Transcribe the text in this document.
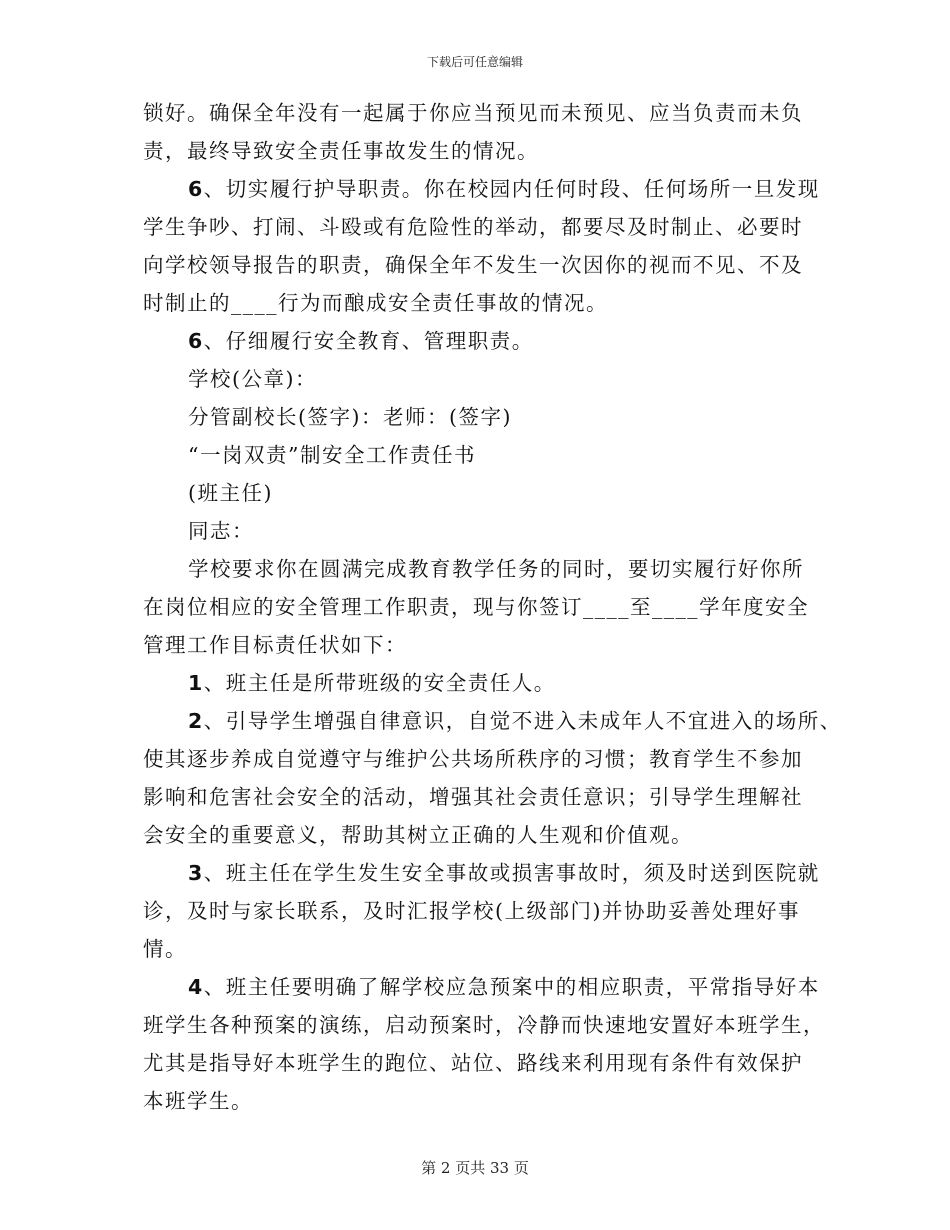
下载后可任意编辑
锁好。确保全年没有一起属于你应当预见而未预见、应当负责而未负
责，最终导致安全责任事故发生的情况。
6、切实履行护导职责。你在校园内任何时段、任何场所一旦发现
学生争吵、打闹、斗殴或有危险性的举动，都要尽及时制止、必要时
向学校领导报告的职责，确保全年不发生一次因你的视而不见、不及
时制止的____行为而酿成安全责任事故的情况。
6、仔细履行安全教育、管理职责。
学校(公章)：
分管副校长(签字)：老师：(签字)
“一岗双责”制安全工作责任书
(班主任)
同志：
学校要求你在圆满完成教育教学任务的同时，要切实履行好你所
在岗位相应的安全管理工作职责，现与你签订____至____学年度安全
管理工作目标责任状如下：
1、班主任是所带班级的安全责任人。
2、引导学生增强自律意识，自觉不进入未成年人不宜进入的场所、
使其逐步养成自觉遵守与维护公共场所秩序的习惯；教育学生不参加
影响和危害社会安全的活动，增强其社会责任意识；引导学生理解社
会安全的重要意义，帮助其树立正确的人生观和价值观。
3、班主任在学生发生安全事故或损害事故时，须及时送到医院就
诊，及时与家长联系，及时汇报学校(上级部门)并协助妥善处理好事
情。
4、班主任要明确了解学校应急预案中的相应职责，平常指导好本
班学生各种预案的演练，启动预案时，冷静而快速地安置好本班学生，
尤其是指导好本班学生的跑位、站位、路线来利用现有条件有效保护
本班学生。
第 2 页共 33 页
